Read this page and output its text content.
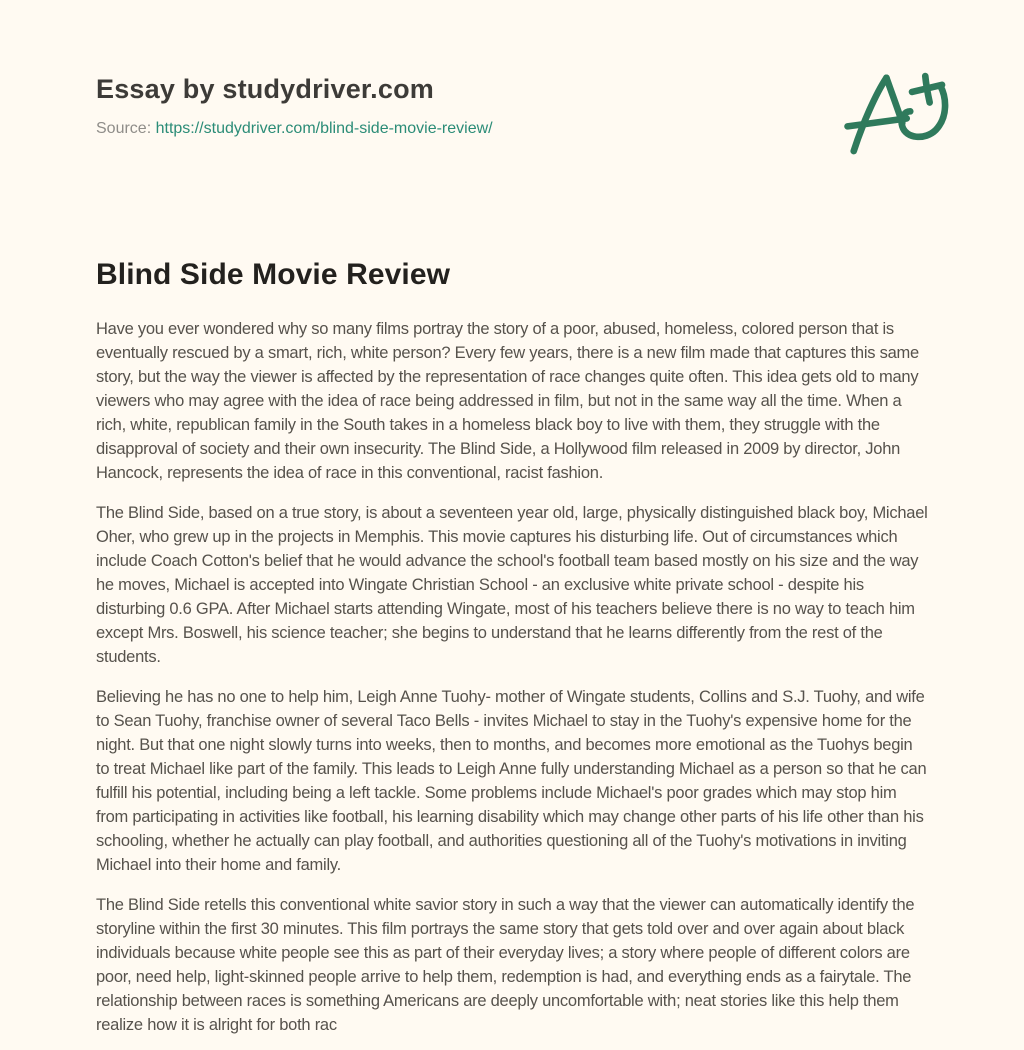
Essay by studydriver.com
Source: https://studydriver.com/blind-side-movie-review/
Blind Side Movie Review

Have you ever wondered why so many films portray the story of a poor, abused, homeless, colored person that is eventually rescued by a smart, rich, white person? Every few years, there is a new film made that captures this same story, but the way the viewer is affected by the representation of race changes quite often. This idea gets old to many viewers who may agree with the idea of race being addressed in film, but not in the same way all the time. When a rich, white, republican family in the South takes in a homeless black boy to live with them, they struggle with the disapproval of society and their own insecurity. The Blind Side, a Hollywood film released in 2009 by director, John Hancock, represents the idea of race in this conventional, racist fashion.

The Blind Side, based on a true story, is about a seventeen year old, large, physically distinguished black boy, Michael Oher, who grew up in the projects in Memphis. This movie captures his disturbing life. Out of circumstances which include Coach Cotton's belief that he would advance the school's football team based mostly on his size and the way he moves, Michael is accepted into Wingate Christian School - an exclusive white private school - despite his disturbing 0.6 GPA. After Michael starts attending Wingate, most of his teachers believe there is no way to teach him except Mrs. Boswell, his science teacher; she begins to understand that he learns differently from the rest of the students.

Believing he has no one to help him, Leigh Anne Tuohy- mother of Wingate students, Collins and S.J. Tuohy, and wife to Sean Tuohy, franchise owner of several Taco Bells - invites Michael to stay in the Tuohy's expensive home for the night. But that one night slowly turns into weeks, then to months, and becomes more emotional as the Tuohys begin to treat Michael like part of the family. This leads to Leigh Anne fully understanding Michael as a person so that he can fulfill his potential, including being a left tackle. Some problems include Michael's poor grades which may stop him from participating in activities like football, his learning disability which may change other parts of his life other than his schooling, whether he actually can play football, and authorities questioning all of the Tuohy's motivations in inviting Michael into their home and family.

The Blind Side retells this conventional white savior story in such a way that the viewer can automatically identify the storyline within the first 30 minutes. This film portrays the same story that gets told over and over again about black individuals because white people see this as part of their everyday lives; a story where people of different colors are poor, need help, light-skinned people arrive to help them, redemption is had, and everything ends as a fairytale. The relationship between races is something Americans are deeply uncomfortable with; neat stories like this help them realize how it is alright for both rac
